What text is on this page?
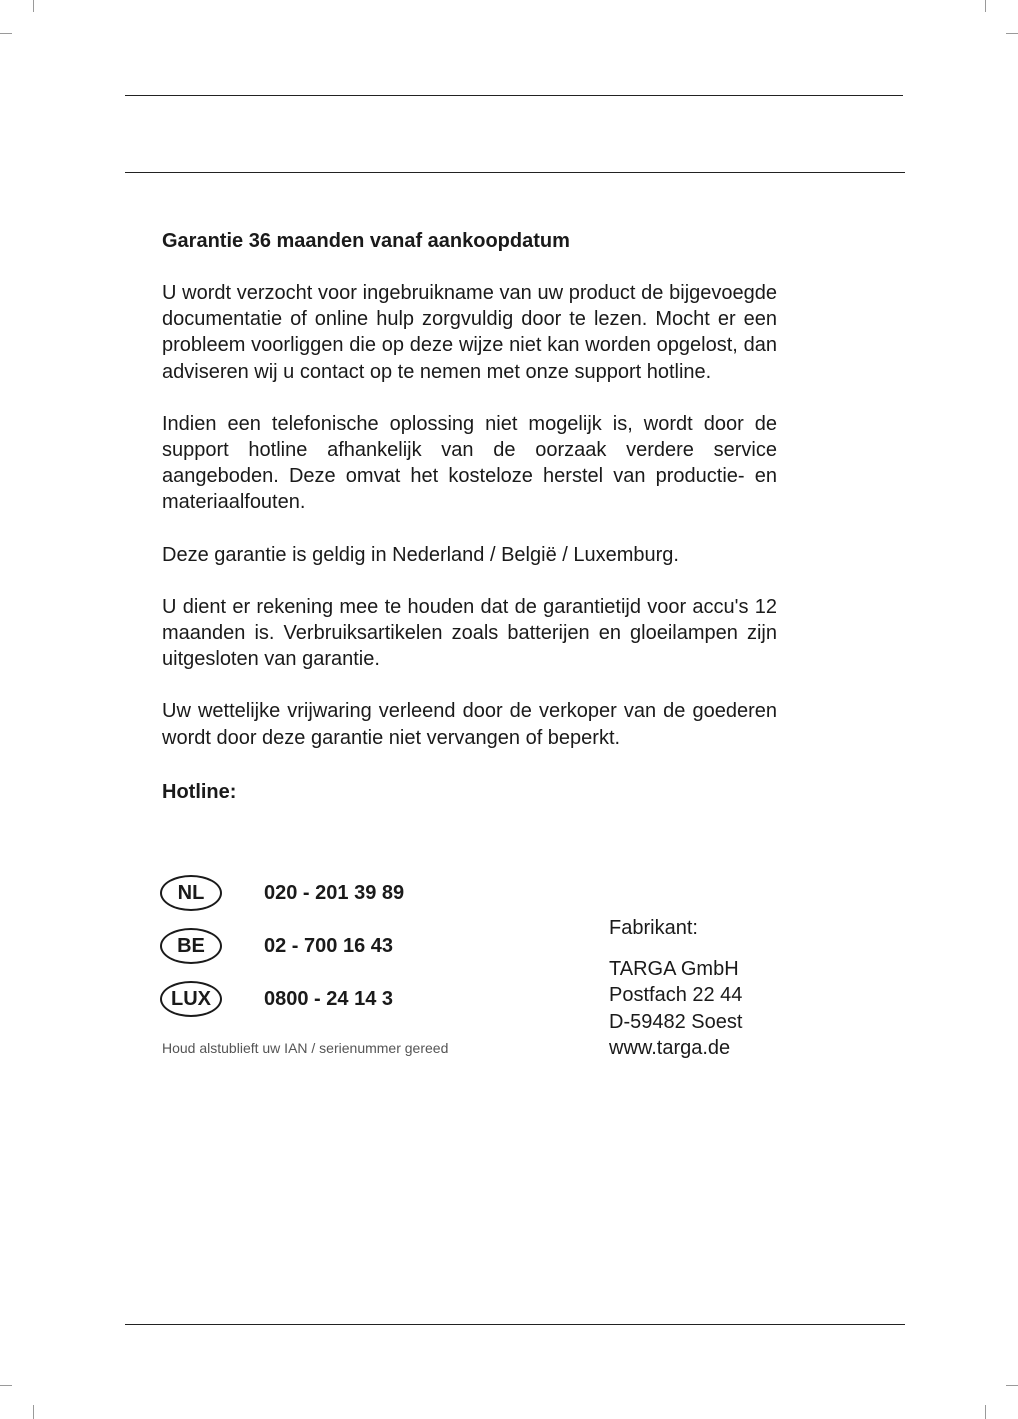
Garantie 36 maanden vanaf aankoopdatum

U wordt verzocht voor ingebruikname van uw product de bijgevoegde documentatie of online hulp zorgvuldig door te lezen. Mocht er een probleem voorliggen die op deze wijze niet kan worden opgelost, dan adviseren wij u contact op te nemen met onze support hotline.

Indien een telefonische oplossing niet mogelijk is, wordt door de support hotline afhankelijk van de oorzaak verdere service aangeboden. Deze omvat het kosteloze herstel van productie- en materiaalfouten.

Deze garantie is geldig in Nederland / België / Luxemburg.

U dient er rekening mee te houden dat de garantietijd voor accu's 12 maanden is. Verbruiksartikelen zoals batterijen en gloeilampen zijn uitgesloten van garantie.

Uw wettelijke vrijwaring verleend door de verkoper van de goederen wordt door deze garantie niet vervangen of beperkt.

Hotline:
NL	020 - 201 39 89
BE	02 - 700 16 43
LUX	0800 - 24 14 3
Houd alstublieft uw IAN / serienummer gereed
Fabrikant:
TARGA GmbH
Postfach 22 44
D-59482 Soest
www.targa.de
